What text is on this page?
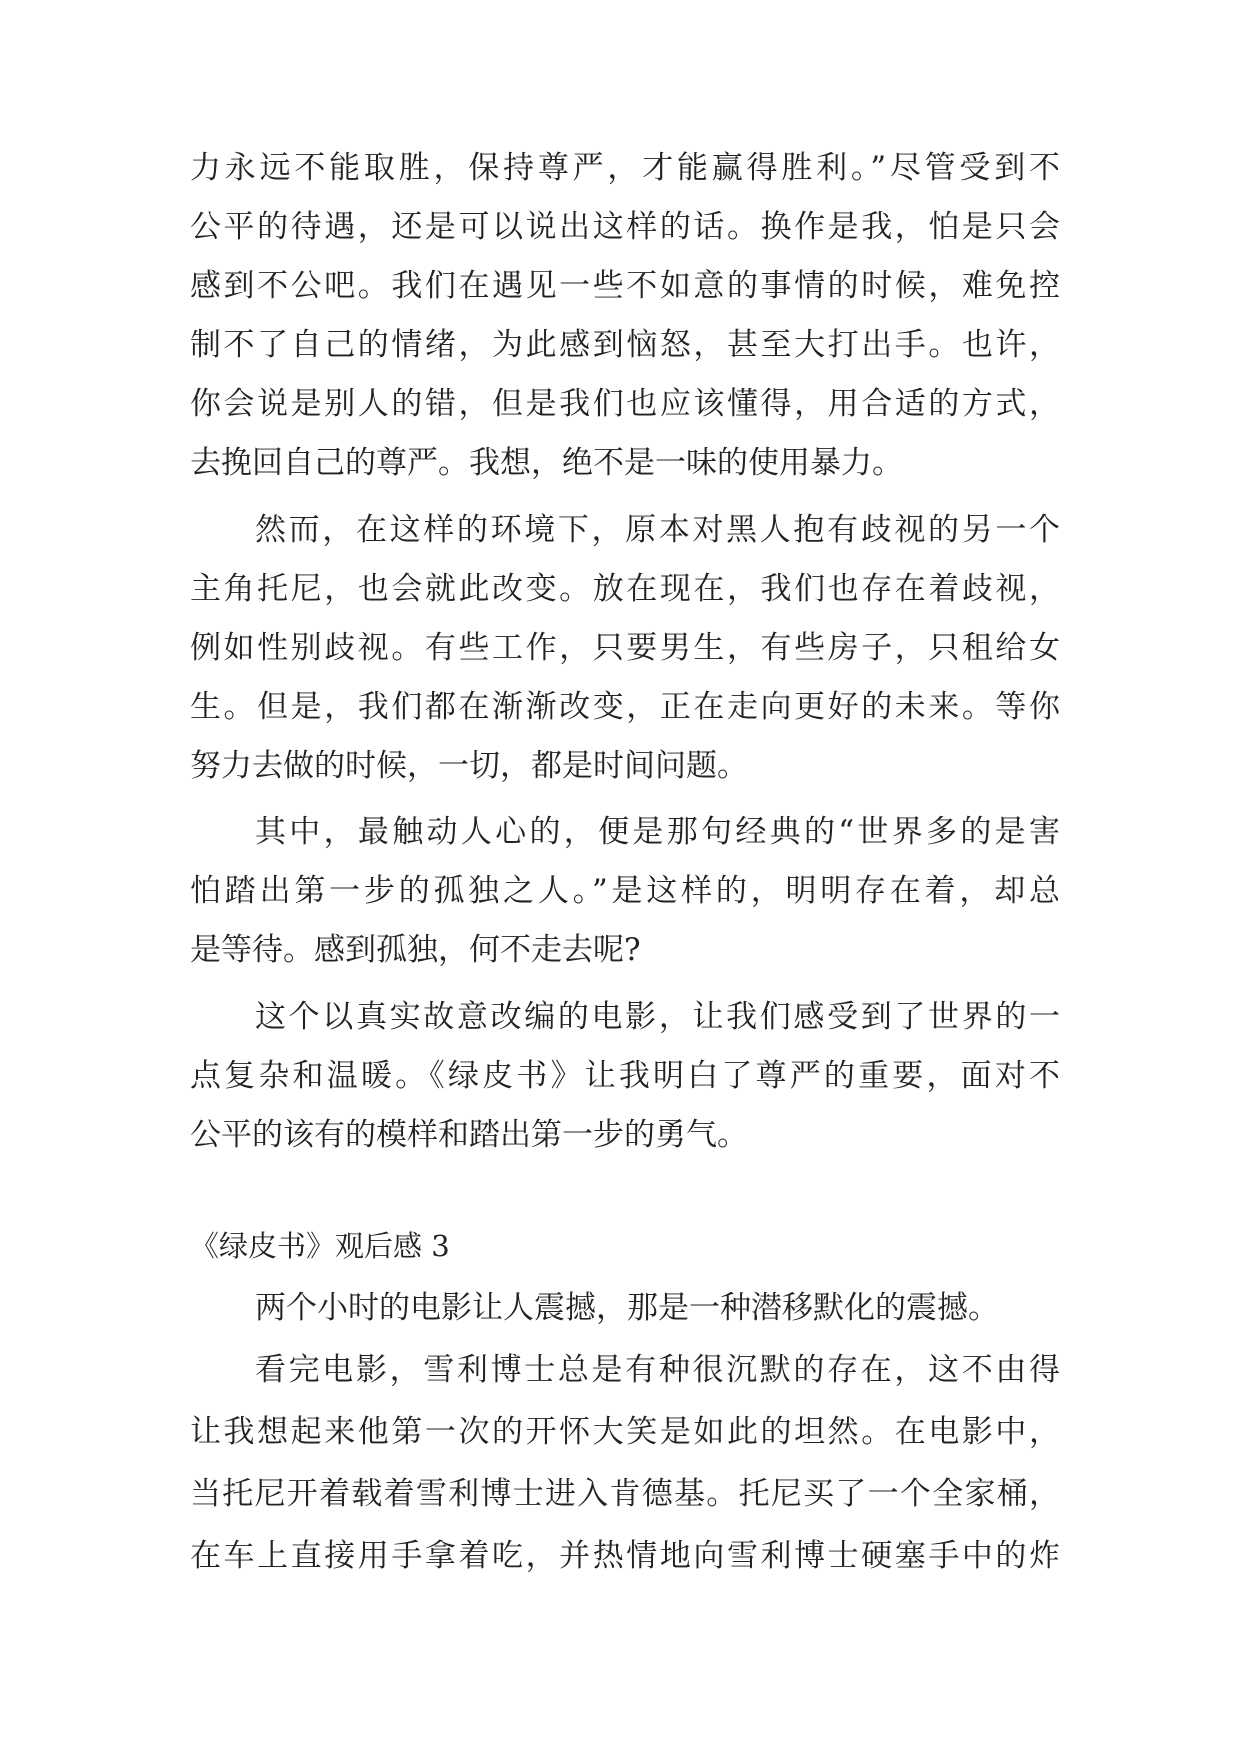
力永远不能取胜，保持尊严，才能赢得胜利。”尽管受到不
公平的待遇，还是可以说出这样的话。换作是我，怕是只会
感到不公吧。我们在遇见一些不如意的事情的时候，难免控
制不了自己的情绪，为此感到恼怒，甚至大打出手。也许，
你会说是别人的错，但是我们也应该懂得，用合适的方式，
去挽回自己的尊严。我想，绝不是一味的使用暴力。
然而，在这样的环境下，原本对黑人抱有歧视的另一个
主角托尼，也会就此改变。放在现在，我们也存在着歧视，
例如性别歧视。有些工作，只要男生，有些房子，只租给女
生。但是，我们都在渐渐改变，正在走向更好的未来。等你
努力去做的时候，一切，都是时间问题。
其中，最触动人心的，便是那句经典的“世界多的是害
怕踏出第一步的孤独之人。”是这样的，明明存在着，却总
是等待。感到孤独，何不走去呢?
这个以真实故意改编的电影，让我们感受到了世界的一
点复杂和温暖。《绿皮书》让我明白了尊严的重要，面对不
公平的该有的模样和踏出第一步的勇气。
《绿皮书》观后感 3
两个小时的电影让人震撼，那是一种潜移默化的震撼。
看完电影，雪利博士总是有种很沉默的存在，这不由得
让我想起来他第一次的开怀大笑是如此的坦然。在电影中，
当托尼开着载着雪利博士进入肯德基。托尼买了一个全家桶，
在车上直接用手拿着吃，并热情地向雪利博士硬塞手中的炸
